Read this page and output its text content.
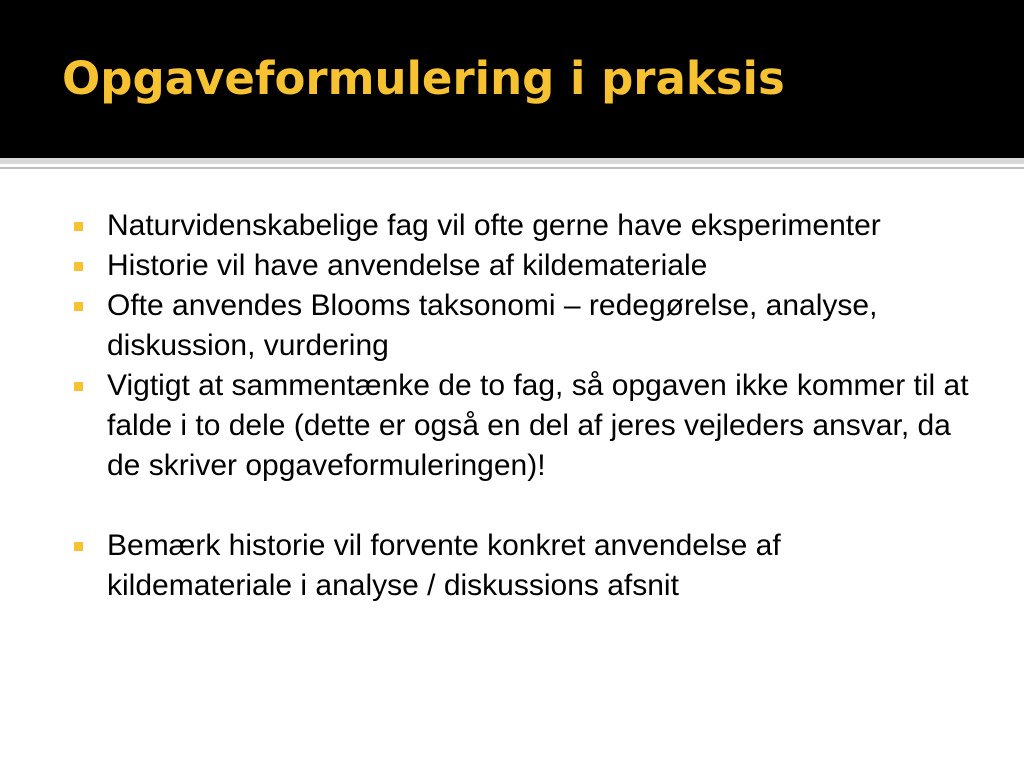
Opgaveformulering i praksis
Naturvidenskabelige fag vil ofte gerne have eksperimenter
Historie vil have anvendelse af kildemateriale
Ofte anvendes Blooms taksonomi – redegørelse, analyse, diskussion, vurdering
Vigtigt at sammentænke de to fag, så opgaven ikke kommer til at falde i to dele (dette er også en del af jeres vejleders ansvar, da de skriver opgaveformuleringen)!
Bemærk historie vil forvente konkret anvendelse af kildemateriale i analyse / diskussions afsnit
